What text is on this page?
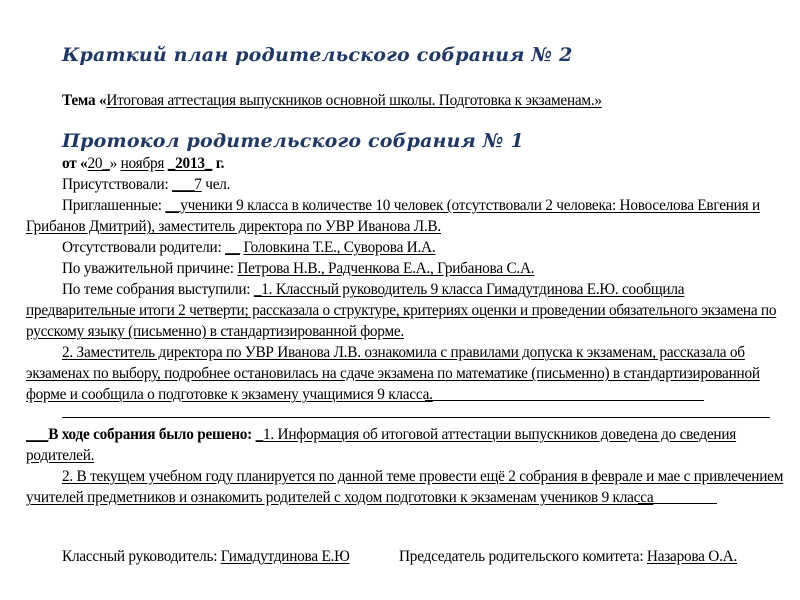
Краткий план родительского собрания № 2
Тема «Итоговая аттестация выпускников основной школы. Подготовка к экзаменам.»
Протокол родительского собрания № 1
от «20_» ноября _2013_ г.
Присутствовали: ___7 чел.
Приглашенные: __ученики 9 класса в количестве 10 человек (отсутствовали 2 человека: Новоселова Евгения и
Грибанов Дмитрий), заместитель директора по УВР Иванова Л.В.
Отсутствовали родители: __ Головкина Т.Е., Суворова И.А.
По уважительной причине: Петрова Н.В., Радченкова Е.А., Грибанова С.А.
По теме собрания выступили: _1. Классный руководитель 9 класса Гимадутдинова Е.Ю. сообщила
предварительные итоги 2 четверти; рассказала о структуре, критериях оценки и проведении обязательного экзамена по
русскому языку (письменно) в стандартизированной форме.
2. Заместитель директора по УВР Иванова Л.В. ознакомила с правилами допуска к экзаменам, рассказала об
экзаменах по выбору, подробнее остановилась на сдаче экзамена по математике (письменно) в стандартизированной
форме и сообщила о подготовке к экзамену учащимися 9 класса.
___В ходе собрания было решено: _1. Информация об итоговой аттестации выпускников доведена до сведения
родителей.
2. В текущем учебном году планируется по данной теме провести ещё 2 собрания в феврале и мае с привлечением
учителей предметников и ознакомить родителей с ходом подготовки к экзаменам учеников 9 класса
Классный руководитель: Гимадутдинова Е.Ю	Председатель родительского комитета: Назарова О.А.
